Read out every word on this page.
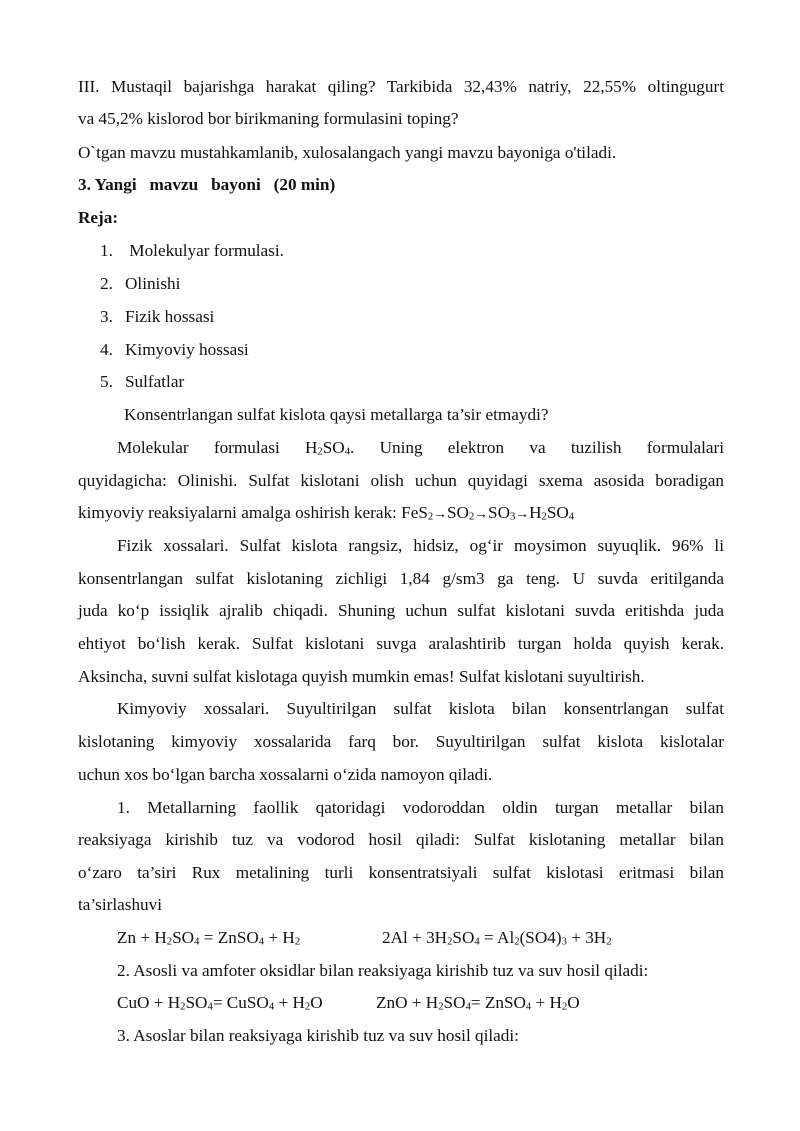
III. Mustaqil bajarishga harakat qiling? Tarkibida 32,43% natriy, 22,55% oltingugurt
va 45,2% kislorod bor birikmaning formulasini toping?
O`tgan mavzu mustahkamlanib, xulosalangach yangi mavzu bayoniga o'tiladi.
3. Yangi   mavzu   bayoni   (20 min)
Reja:
1. Molekulyar formulasi.
2. Olinishi
3. Fizik hossasi
4. Kimyoviy hossasi
5. Sulfatlar
Konsentrlangan sulfat kislota qaysi metallarga ta’sir etmaydi?
Molekular   formulasi   $H_2SO_4$.   Uning   elektron   va   tuzilish   formulalari
quyidagicha: Olinishi. Sulfat kislotani olish uchun quyidagi sxema asosida boradigan
kimyoviy reaksiyalarni amalga oshirish kerak: $FeS_2\to SO_2\to SO_3\to H_2SO_4$
Fizik xossalari. Sulfat kislota rangsiz, hidsiz, og‘ir moysimon suyuqlik. 96% li
konsentrlangan sulfat kislotaning zichligi 1,84 g/sm3 ga teng. U suvda eritilganda
juda ko‘p issiqlik ajralib chiqadi. Shuning uchun sulfat kislotani suvda eritishda juda
ehtiyot bo‘lish kerak. Sulfat kislotani suvga aralashtirib turgan holda quyish kerak.
Aksincha, suvni sulfat kislotaga quyish mumkin emas! Sulfat kislotani suyultirish.
Kimyoviy xossalari. Suyultirilgan sulfat kislota bilan konsentrlangan sulfat
kislotaning kimyoviy xossalarida farq bor. Suyultirilgan sulfat kislota kislotalar
uchun xos bo‘lgan barcha xossalarni o‘zida namoyon qiladi.
1. Metallarning faollik qatoridagi vodoroddan oldin turgan metallar bilan
reaksiyaga kirishib tuz va vodorod hosil qiladi: Sulfat kislotaning metallar bilan
o‘zaro ta’siri Rux metalining turli konsentratsiyali sulfat kislotasi eritmasi bilan
ta’sirlashuvi
$Zn + H_2SO_4$ = ZnSO$_4$ + $H_2$	$2Al + 3H_2SO_4 = Al_2(SO4)_3 + 3H_2$
2. Asosli va amfoter oksidlar bilan reaksiyaga kirishib tuz va suv hosil qiladi:
CuO + $H_2SO_4=$ CuSO$_4$ + $H_2O$	ZnO + $H_2SO_4=$ ZnSO$_4$ + $H_2O$
3. Asoslar bilan reaksiyaga kirishib tuz va suv hosil qiladi:
